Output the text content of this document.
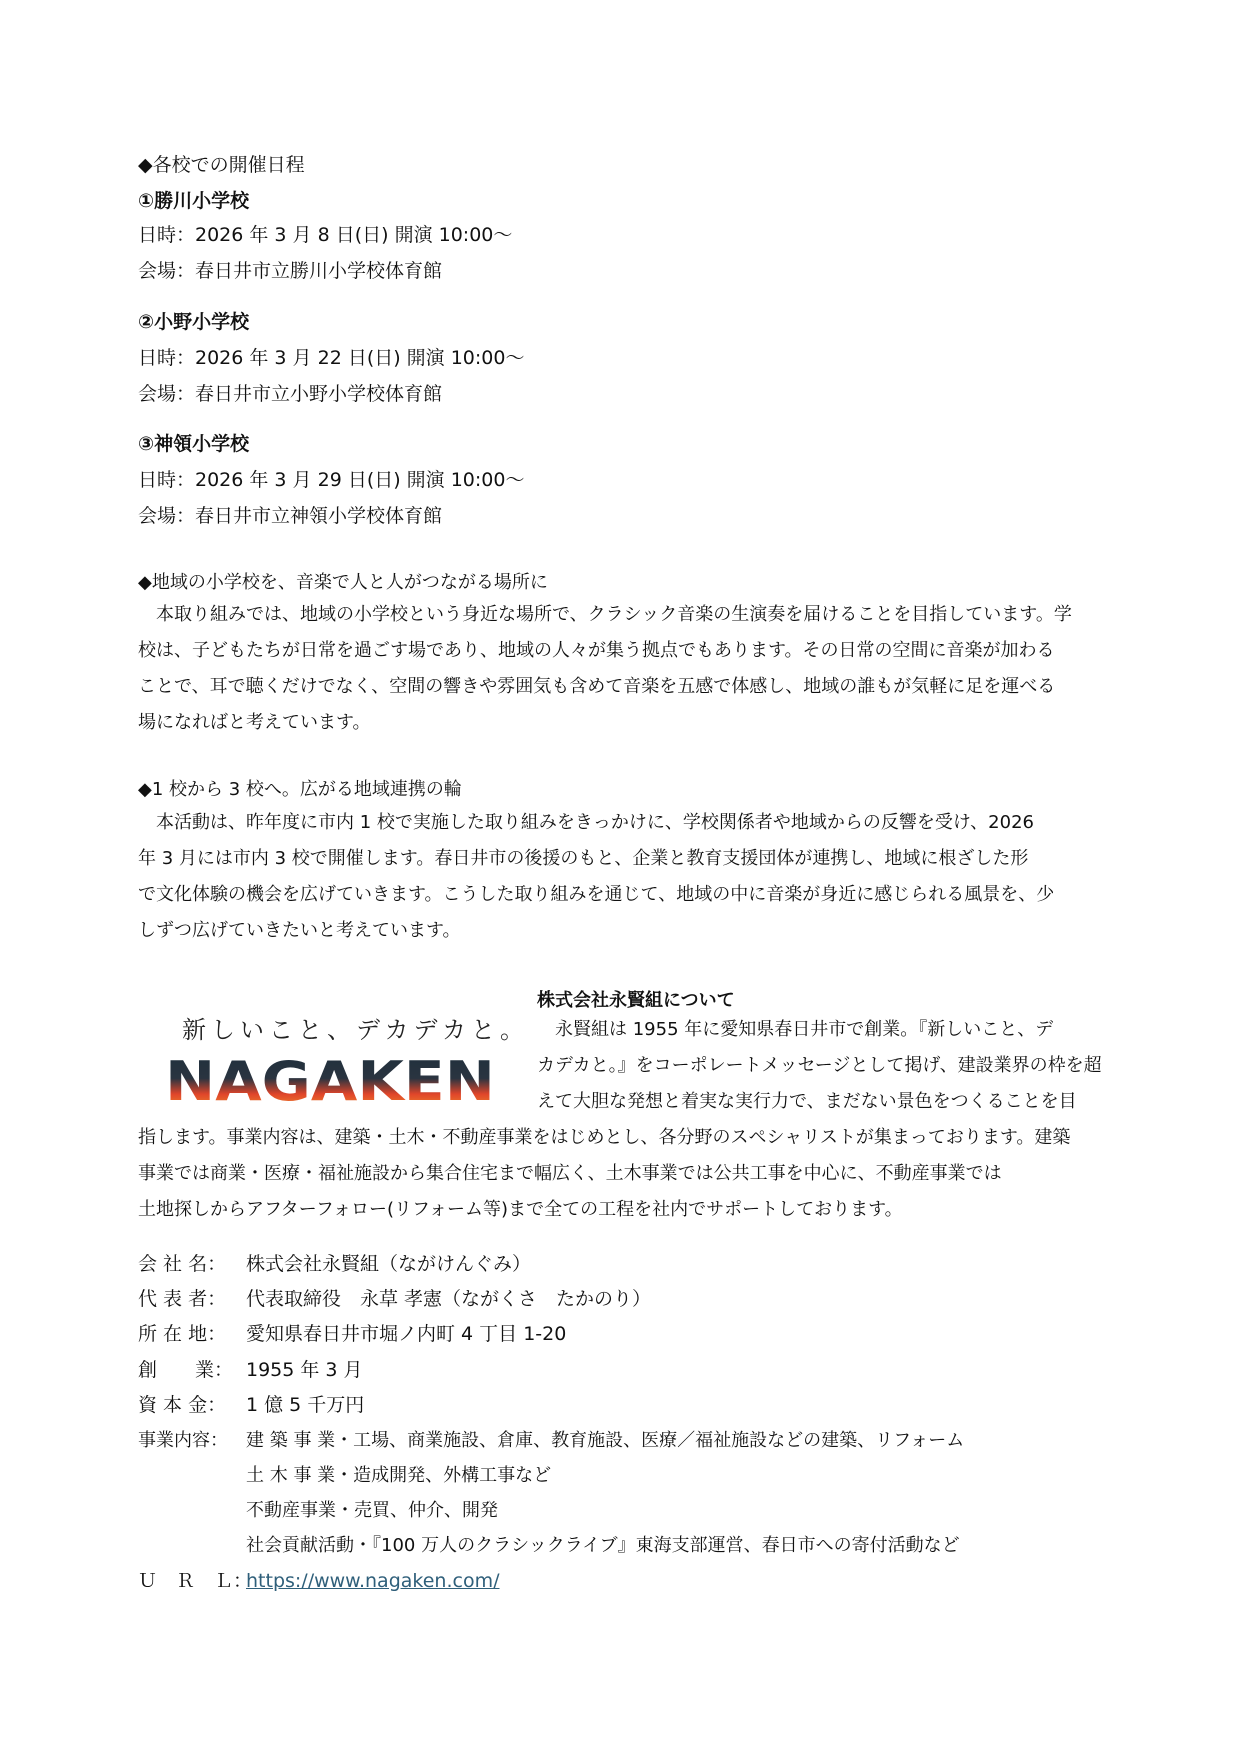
◆各校での開催日程
①勝川小学校
日時：2026 年 3 月 8 日(日) 開演 10:00～
会場：春日井市立勝川小学校体育館
②小野小学校
日時：2026 年 3 月 22 日(日) 開演 10:00～
会場：春日井市立小野小学校体育館
③神領小学校
日時：2026 年 3 月 29 日(日) 開演 10:00～
会場：春日井市立神領小学校体育館
◆地域の小学校を、音楽で人と人がつながる場所に
　本取り組みでは、地域の小学校という身近な場所で、クラシック音楽の生演奏を届けることを目指しています。学
校は、子どもたちが日常を過ごす場であり、地域の人々が集う拠点でもあります。その日常の空間に音楽が加わる
ことで、耳で聴くだけでなく、空間の響きや雰囲気も含めて音楽を五感で体感し、地域の誰もが気軽に足を運べる
場になればと考えています。
◆1 校から 3 校へ。広がる地域連携の輪
　本活動は、昨年度に市内 1 校で実施した取り組みをきっかけに、学校関係者や地域からの反響を受け、2026
年 3 月には市内 3 校で開催します。春日井市の後援のもと、企業と教育支援団体が連携し、地域に根ざした形
で文化体験の機会を広げていきます。こうした取り組みを通じて、地域の中に音楽が身近に感じられる風景を、少
しずつ広げていきたいと考えています。
新しいこと、デカデカと。
NAGAKEN
株式会社永賢組について
　永賢組は 1955 年に愛知県春日井市で創業。『新しいこと、デ
カデカと。』をコーポレートメッセージとして掲げ、建設業界の枠を超
えて大胆な発想と着実な実行力で、まだない景色をつくることを目
指します。事業内容は、建築・土木・不動産事業をはじめとし、各分野のスペシャリストが集まっております。建築
事業では商業・医療・福祉施設から集合住宅まで幅広く、土木事業では公共工事を中心に、不動産事業では
土地探しからアフターフォロー(リフォーム等)まで全ての工程を社内でサポートしております。
会 社 名： 株式会社永賢組（ながけんぐみ）
代 表 者： 代表取締役　永草 孝憲（ながくさ　たかのり）
所 在 地： 愛知県春日井市堀ノ内町 4 丁目 1-20
創　　業： 1955 年 3 月
資 本 金： 1 億 5 千万円
事業内容： 建 築 事 業・工場、商業施設、倉庫、教育施設、医療／福祉施設などの建築、リフォーム
土 木 事 業・造成開発、外構工事など
不動産事業・売買、仲介、開発
社会貢献活動・『100 万人のクラシックライブ』東海支部運営、春日市への寄付活動など
Ｕ　Ｒ　Ｌ：https://www.nagaken.com/
